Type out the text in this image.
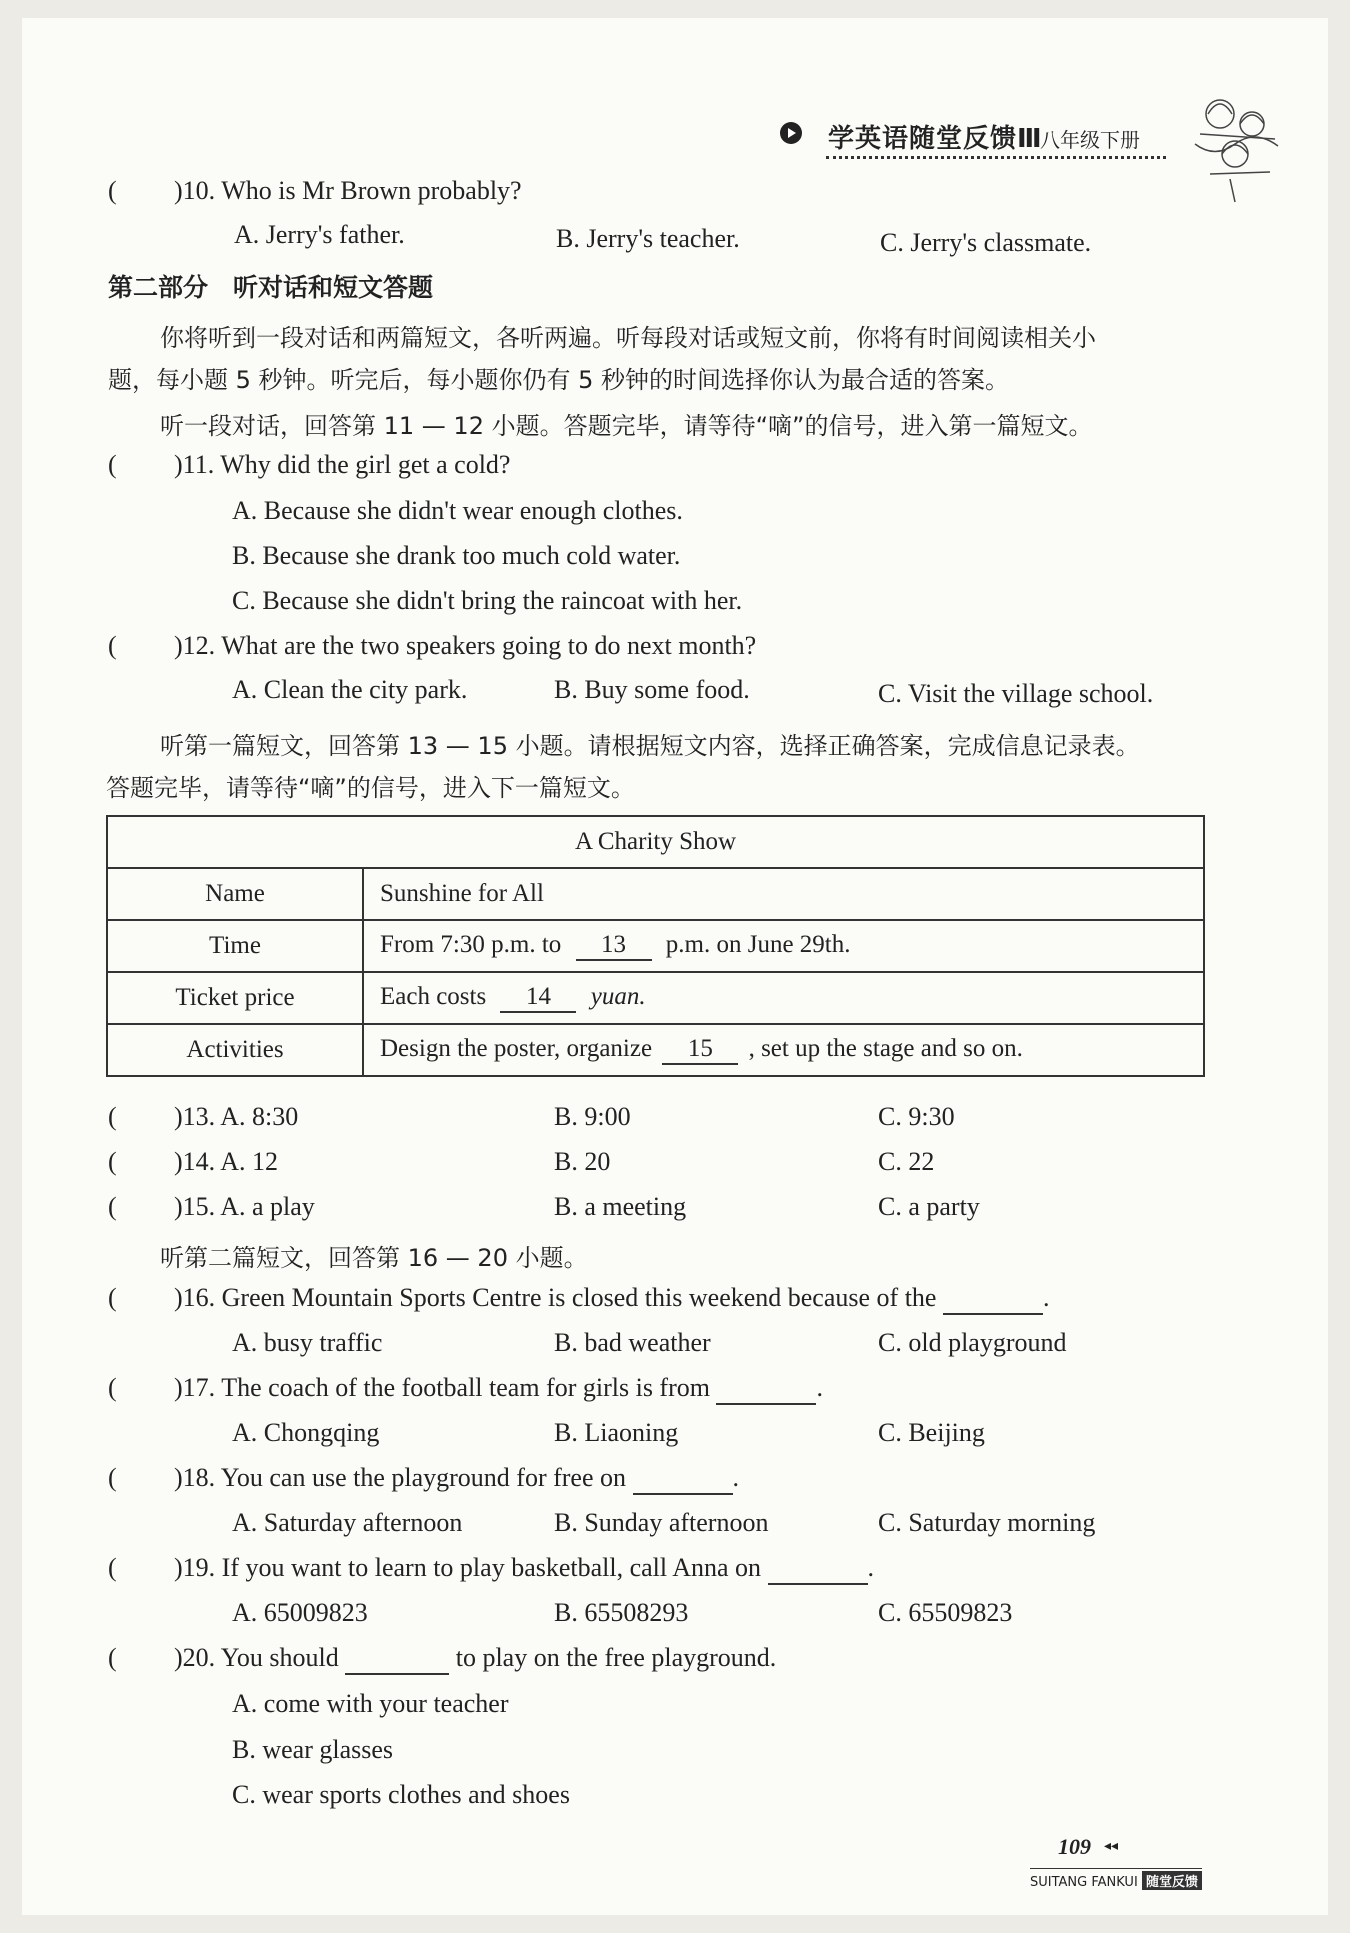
学英语随堂反馈Ⅲ
八年级下册
( )10. Who is Mr Brown probably?
A. Jerry's father.	B. Jerry's teacher.	C. Jerry's classmate.
第二部分　听对话和短文答题
你将听到一段对话和两篇短文，各听两遍。听每段对话或短文前，你将有时间阅读相关小
题，每小题 5 秒钟。听完后，每小题你仍有 5 秒钟的时间选择你认为最合适的答案。
听一段对话，回答第 11 — 12 小题。答题完毕，请等待“嘀”的信号，进入第一篇短文。
( )11. Why did the girl get a cold?
A. Because she didn't wear enough clothes.
B. Because she drank too much cold water.
C. Because she didn't bring the raincoat with her.
( )12. What are the two speakers going to do next month?
A. Clean the city park.	B. Buy some food.	C. Visit the village school.
听第一篇短文，回答第 13 — 15 小题。请根据短文内容，选择正确答案，完成信息记录表。
答题完毕，请等待“嘀”的信号，进入下一篇短文。
A Charity Show	
Name	Sunshine for All
Time	From 7:30 p.m. to 13 p.m. on June 29th.
Ticket price	Each costs 14 yuan.
Activities	Design the poster, organize 15 , set up the stage and so on.
( )13. A. 8:30	B. 9:00	C. 9:30
( )14. A. 12	B. 20	C. 22
( )15. A. a play	B. a meeting	C. a party
听第二篇短文，回答第 16 — 20 小题。
( )16. Green Mountain Sports Centre is closed this weekend because of the	.
A. busy traffic	B. bad weather	C. old playground
( )17. The coach of the football team for girls is from	.
A. Chongqing	B. Liaoning	C. Beijing
( )18. You can use the playground for free on	.
A. Saturday afternoon	B. Sunday afternoon	C. Saturday morning
( )19. If you want to learn to play basketball, call Anna on	.
A. 65009823	B. 65508293	C. 65509823
( )20. You should	to play on the free playground.
A. come with your teacher
B. wear glasses
C. wear sports clothes and shoes
109 ◂◂
SUITANG FANKUI 随堂反馈
